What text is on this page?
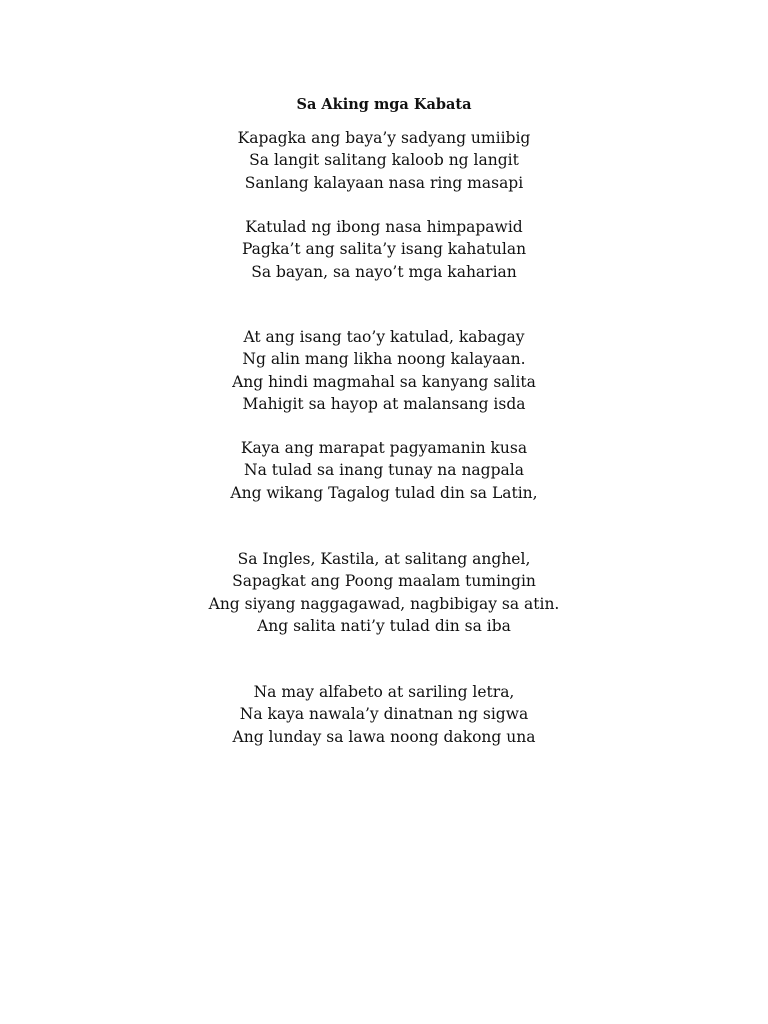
Sa Aking mga Kabata
Kapagka ang baya’y sadyang umiibig
Sa langit salitang kaloob ng langit
Sanlang kalayaan nasa ring masapi
Katulad ng ibong nasa himpapawid
Pagka’t ang salita’y isang kahatulan
Sa bayan, sa nayo’t mga kaharian
At ang isang tao’y katulad, kabagay
Ng alin mang likha noong kalayaan.
Ang hindi magmahal sa kanyang salita
Mahigit sa hayop at malansang isda
Kaya ang marapat pagyamanin kusa
Na tulad sa inang tunay na nagpala
Ang wikang Tagalog tulad din sa Latin,
Sa Ingles, Kastila, at salitang anghel,
Sapagkat ang Poong maalam tumingin
Ang siyang naggagawad, nagbibigay sa atin.
Ang salita nati’y tulad din sa iba
Na may alfabeto at sariling letra,
Na kaya nawala’y dinatnan ng sigwa
Ang lunday sa lawa noong dakong una
